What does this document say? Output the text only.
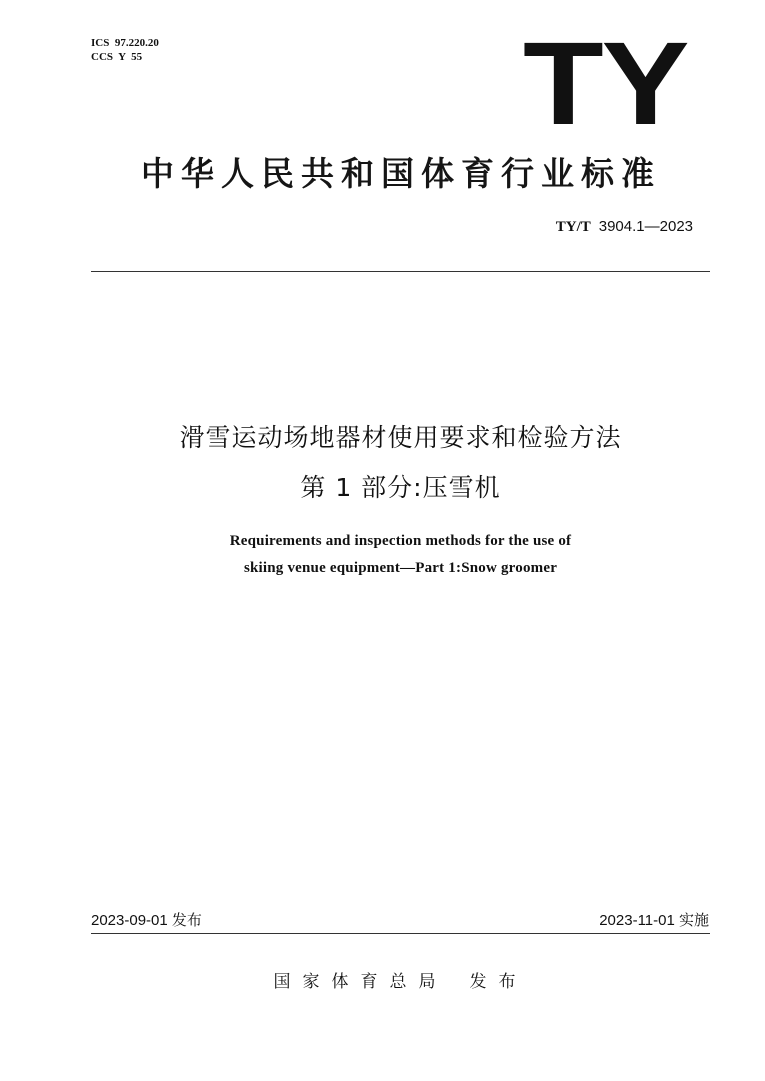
ICS  97.220.20
CCS  Y  55	TY
中华人民共和国体育行业标准
TY/T 3904.1—2023
滑雪运动场地器材使用要求和检验方法
第 1 部分:压雪机
Requirements and inspection methods for the use of
skiing venue equipment—Part 1:Snow groomer
2023-09-01 发布	2023-11-01 实施
国家体育总局 发布
